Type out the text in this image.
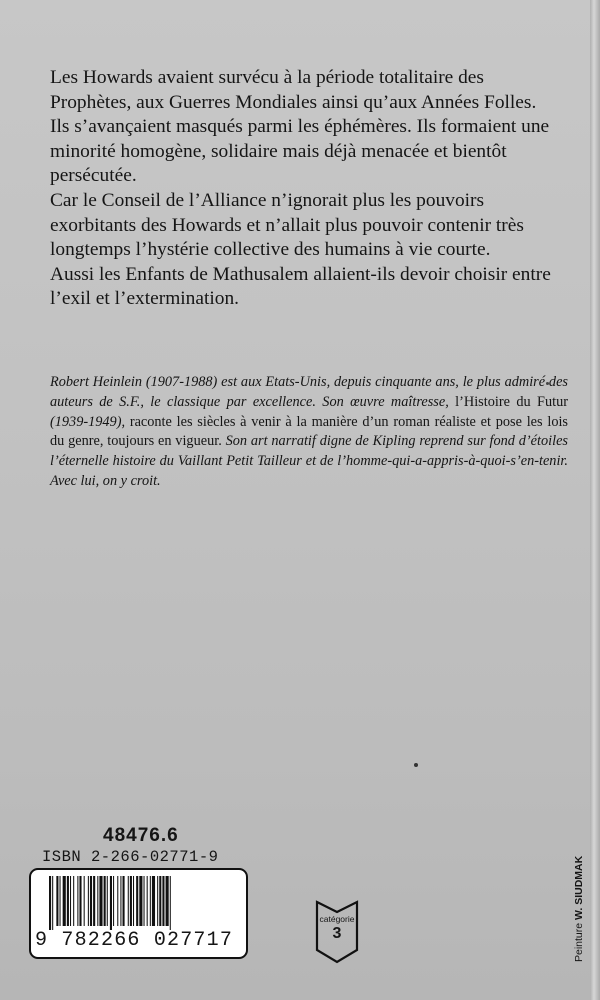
Les Howards avaient survécu à la période totalitaire des Prophètes, aux Guerres Mondiales ainsi qu’aux Années Folles. Ils s’avançaient masqués parmi les éphémères. Ils formaient une minorité homogène, solidaire mais déjà menacée et bientôt persécutée.

Car le Conseil de l’Alliance n’ignorait plus les pouvoirs exorbitants des Howards et n’allait plus pouvoir contenir très longtemps l’hystérie collective des humains à vie courte.

Aussi les Enfants de Mathusalem allaient-ils devoir choisir entre l’exil et l’extermination.

Robert Heinlein (1907-1988) est aux Etats-Unis, depuis cinquante ans, le plus admiré des auteurs de S.F., le classique par excellence. Son œuvre maîtresse, l’Histoire du Futur (1939-1949), raconte les siècles à venir à la manière d’un roman réaliste et pose les lois du genre, toujours en vigueur. Son art narratif digne de Kipling reprend sur fond d’étoiles l’éternelle histoire du Vaillant Petit Tailleur et de l’homme-qui-a-appris-à-quoi-s’en-tenir. Avec lui, on y croit.

48476.6
ISBN 2-266-02771-9
9 782266 027717
catégorie
3	Peinture W. SIUDMAK
